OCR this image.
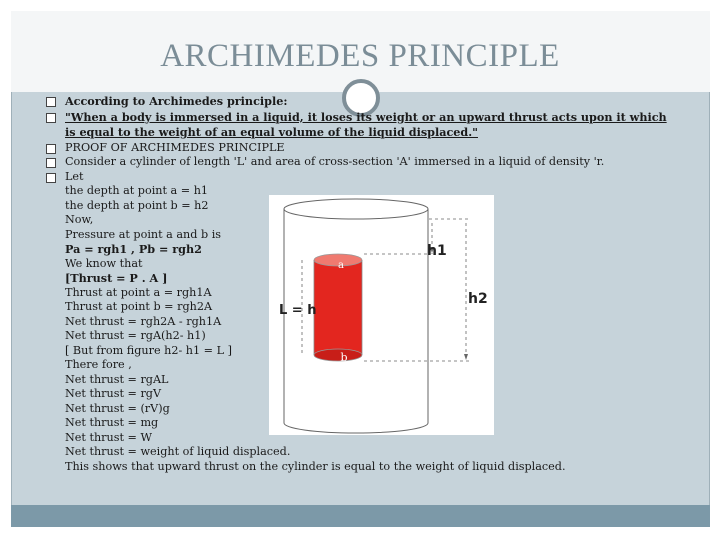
ARCHIMEDES PRINCIPLE
According to Archimedes principle:
"When a body is immersed in a liquid, it loses its weight or an upward thrust acts upon it which is equal to the weight of an equal volume of the liquid displaced."
PROOF OF ARCHIMEDES PRINCIPLE
Consider a cylinder of length 'L' and area of cross-section 'A' immersed in a liquid of density 'r.
Let
the depth at point a = h1
the depth at point b = h2
Now,
Pressure at point a and b is
Pa = rgh1 , Pb = rgh2
We know that
[Thrust = P . A ]
Thrust at point a = rgh1A
Thrust at point b = rgh2A
Net thrust = rgh2A - rgh1A
Net thrust = rgA(h2- h1)
[ But from figure h2- h1 = L ]
There fore ,
Net thrust = rgAL
Net thrust = rgV
Net thrust = (rV)g
Net thrust = mg
Net thrust = W
Net thrust = weight of liquid displaced.
This shows that upward thrust on the cylinder is equal to the weight of liquid displaced.
a
b
L = h
h1
h2
